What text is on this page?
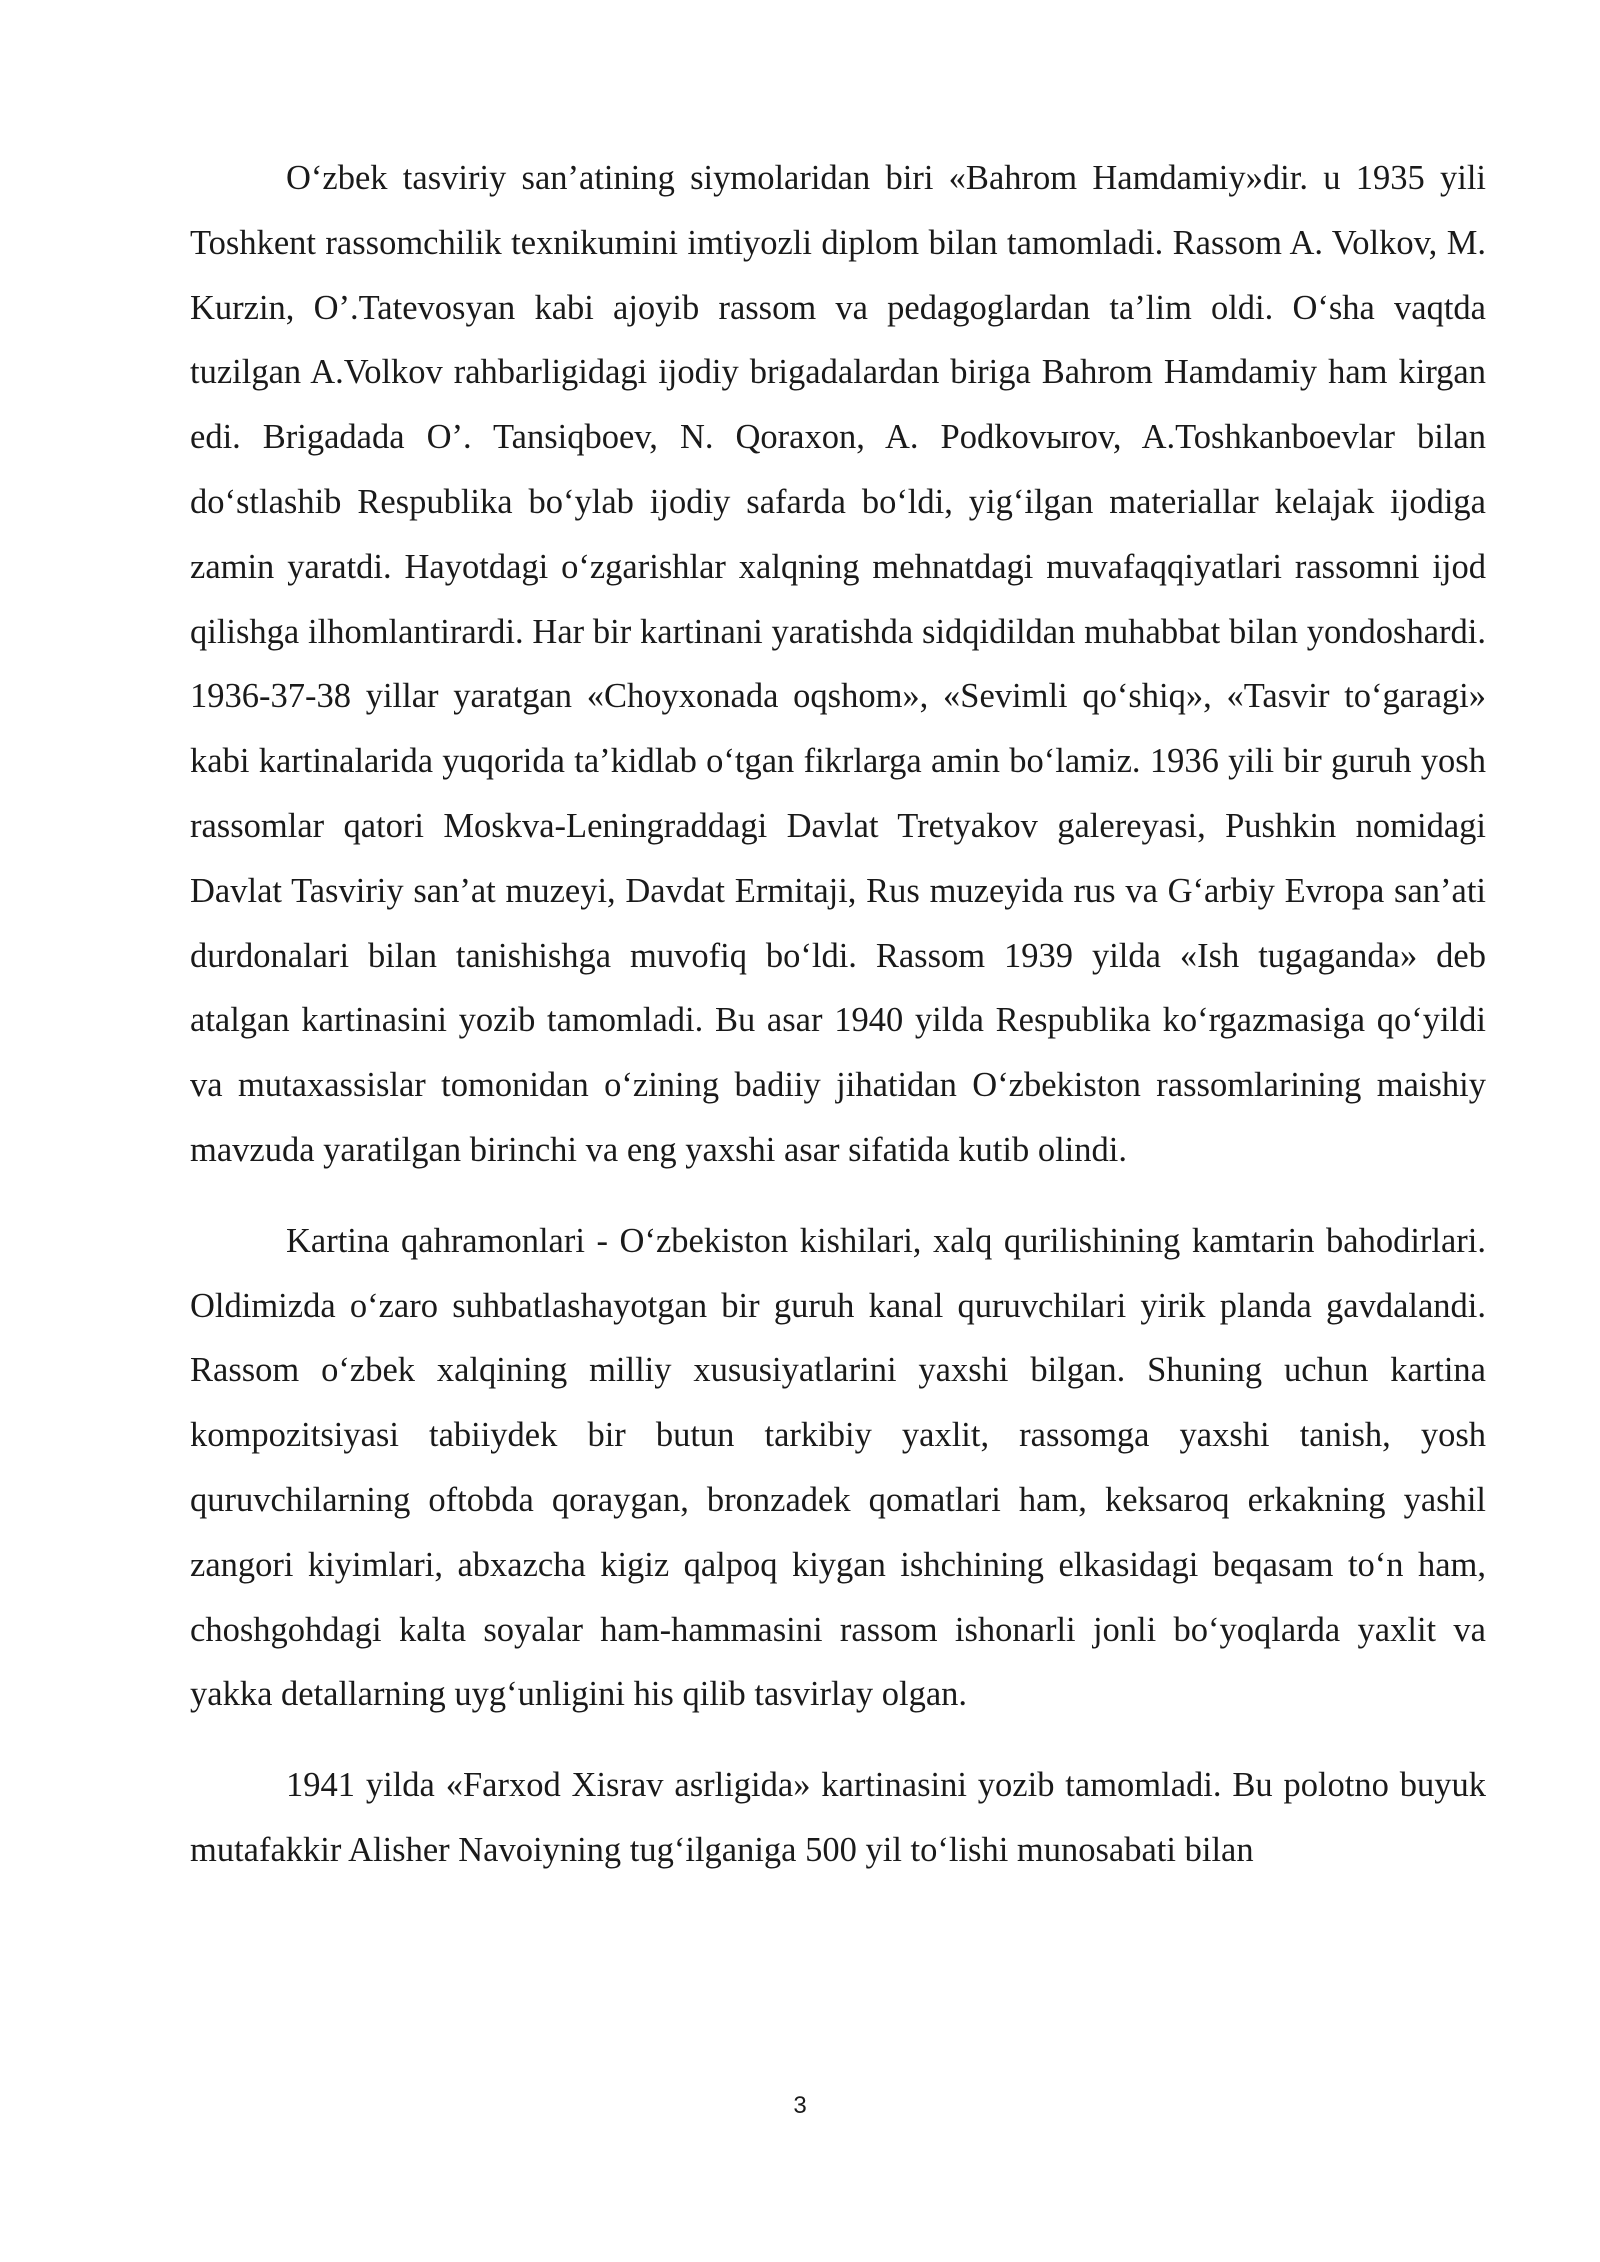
O‘zbek tasviriy san’atining siymolaridan biri «Bahrom Hamdamiy»dir. u 1935 yili Toshkent rassomchilik texnikumini imtiyozli diplom bilan tamomladi. Rassom A. Volkov, M. Kurzin, O’.Tatevosyan kabi ajoyib rassom va pedagoglardan ta’lim oldi. O‘sha vaqtda tuzilgan A.Volkov rahbarligidagi ijodiy brigadalardan biriga Bahrom Hamdamiy ham kirgan edi. Brigadada O’. Tansiqboev, N. Qoraxon, A. Podkovыrov, A.Toshkanboevlar bilan do‘stlashib Respublika bo‘ylab ijodiy safarda bo‘ldi, yig‘ilgan materiallar kelajak ijodiga zamin yaratdi. Hayotdagi o‘zgarishlar xalqning mehnatdagi muvafaqqiyatlari rassomni ijod qilishga ilhomlantirardi. Har bir kartinani yaratishda sidqidildan muhabbat bilan yondoshardi. 1936-37-38 yillar yaratgan «Choyxonada oqshom», «Sevimli qo‘shiq», «Tasvir to‘garagi» kabi kartinalarida yuqorida ta’kidlab o‘tgan fikrlarga amin bo‘lamiz. 1936 yili bir guruh yosh rassomlar qatori Moskva-Leningraddagi Davlat Tretyakov galereyasi, Pushkin nomidagi Davlat Tasviriy san’at muzeyi, Davdat Ermitaji, Rus muzeyida rus va G‘arbiy Evropa san’ati durdonalari bilan tanishishga muvofiq bo‘ldi. Rassom 1939 yilda «Ish tugaganda» deb atalgan kartinasini yozib tamomladi. Bu asar 1940 yilda Respublika ko‘rgazmasiga qo‘yildi va mutaxassislar tomonidan o‘zining badiiy jihatidan O‘zbekiston rassomlarining maishiy mavzuda yaratilgan birinchi va eng yaxshi asar sifatida kutib olindi.

Kartina qahramonlari - O‘zbekiston kishilari, xalq qurilishining kamtarin bahodirlari. Oldimizda o‘zaro suhbatlashayotgan bir guruh kanal quruvchilari yirik planda gavdalandi. Rassom o‘zbek xalqining milliy xususiyatlarini yaxshi bilgan. Shuning uchun kartina kompozitsiyasi tabiiydek bir butun tarkibiy yaxlit, rassomga yaxshi tanish, yosh quruvchilarning oftobda qoraygan, bronzadek qomatlari ham, keksaroq erkakning yashil zangori kiyimlari, abxazcha kigiz qalpoq kiygan ishchining elkasidagi beqasam to‘n ham, choshgohdagi kalta soyalar ham-hammasini rassom ishonarli jonli bo‘yoqlarda yaxlit va yakka detallarning uyg‘unligini his qilib tasvirlay olgan.

1941 yilda «Farxod Xisrav asrligida» kartinasini yozib tamomladi. Bu polotno buyuk mutafakkir Alisher Navoiyning tug‘ilganiga 500 yil to‘lishi munosabati bilan

3
